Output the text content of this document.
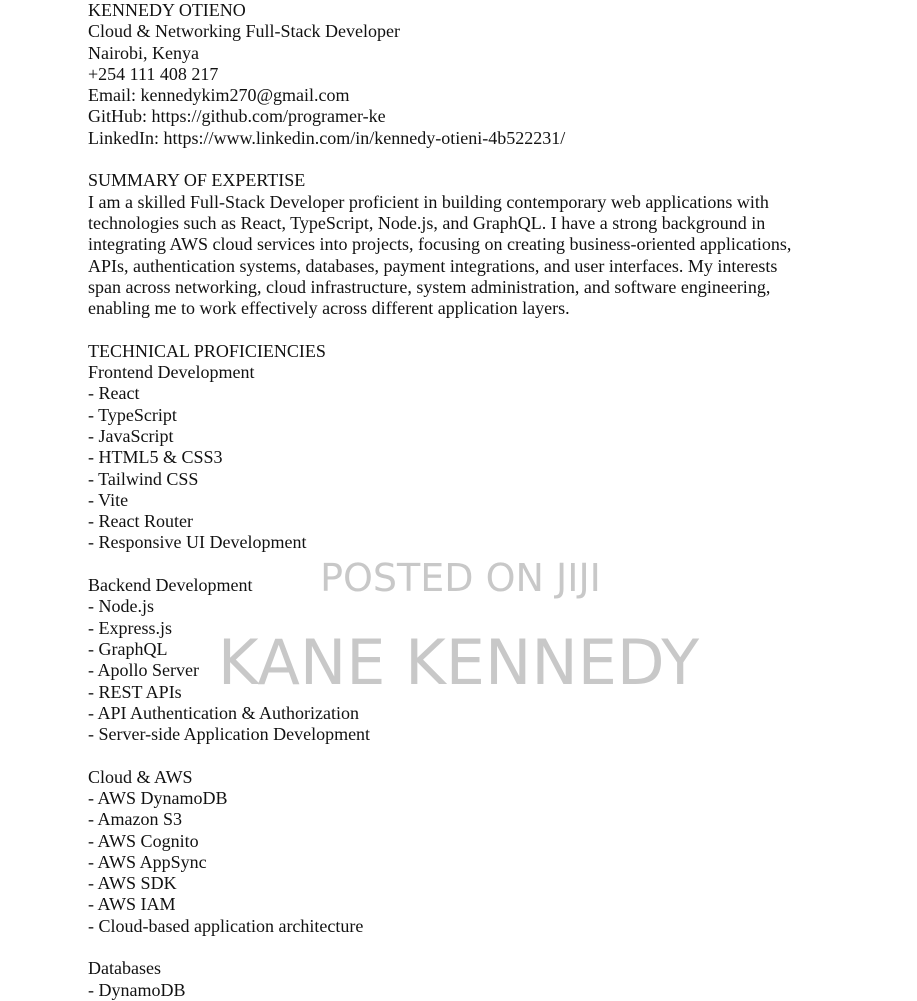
KENNEDY OTIENO
Cloud & Networking Full-Stack Developer
Nairobi, Kenya
+254 111 408 217
Email: kennedykim270@gmail.com
GitHub: https://github.com/programer-ke
LinkedIn: https://www.linkedin.com/in/kennedy-otieni-4b522231/
SUMMARY OF EXPERTISE
I am a skilled Full-Stack Developer proficient in building contemporary web applications with
technologies such as React, TypeScript, Node.js, and GraphQL. I have a strong background in
integrating AWS cloud services into projects, focusing on creating business-oriented applications,
APIs, authentication systems, databases, payment integrations, and user interfaces. My interests
span across networking, cloud infrastructure, system administration, and software engineering,
enabling me to work effectively across different application layers.
TECHNICAL PROFICIENCIES
Frontend Development
- React
- TypeScript
- JavaScript
- HTML5 & CSS3
- Tailwind CSS
- Vite
- React Router
- Responsive UI Development
Backend Development
- Node.js
- Express.js
- GraphQL
- Apollo Server
- REST APIs
- API Authentication & Authorization
- Server-side Application Development
Cloud & AWS
- AWS DynamoDB
- Amazon S3
- AWS Cognito
- AWS AppSync
- AWS SDK
- AWS IAM
- Cloud-based application architecture
Databases
- DynamoDB
POSTED ON JIJI
KANE KENNEDY
